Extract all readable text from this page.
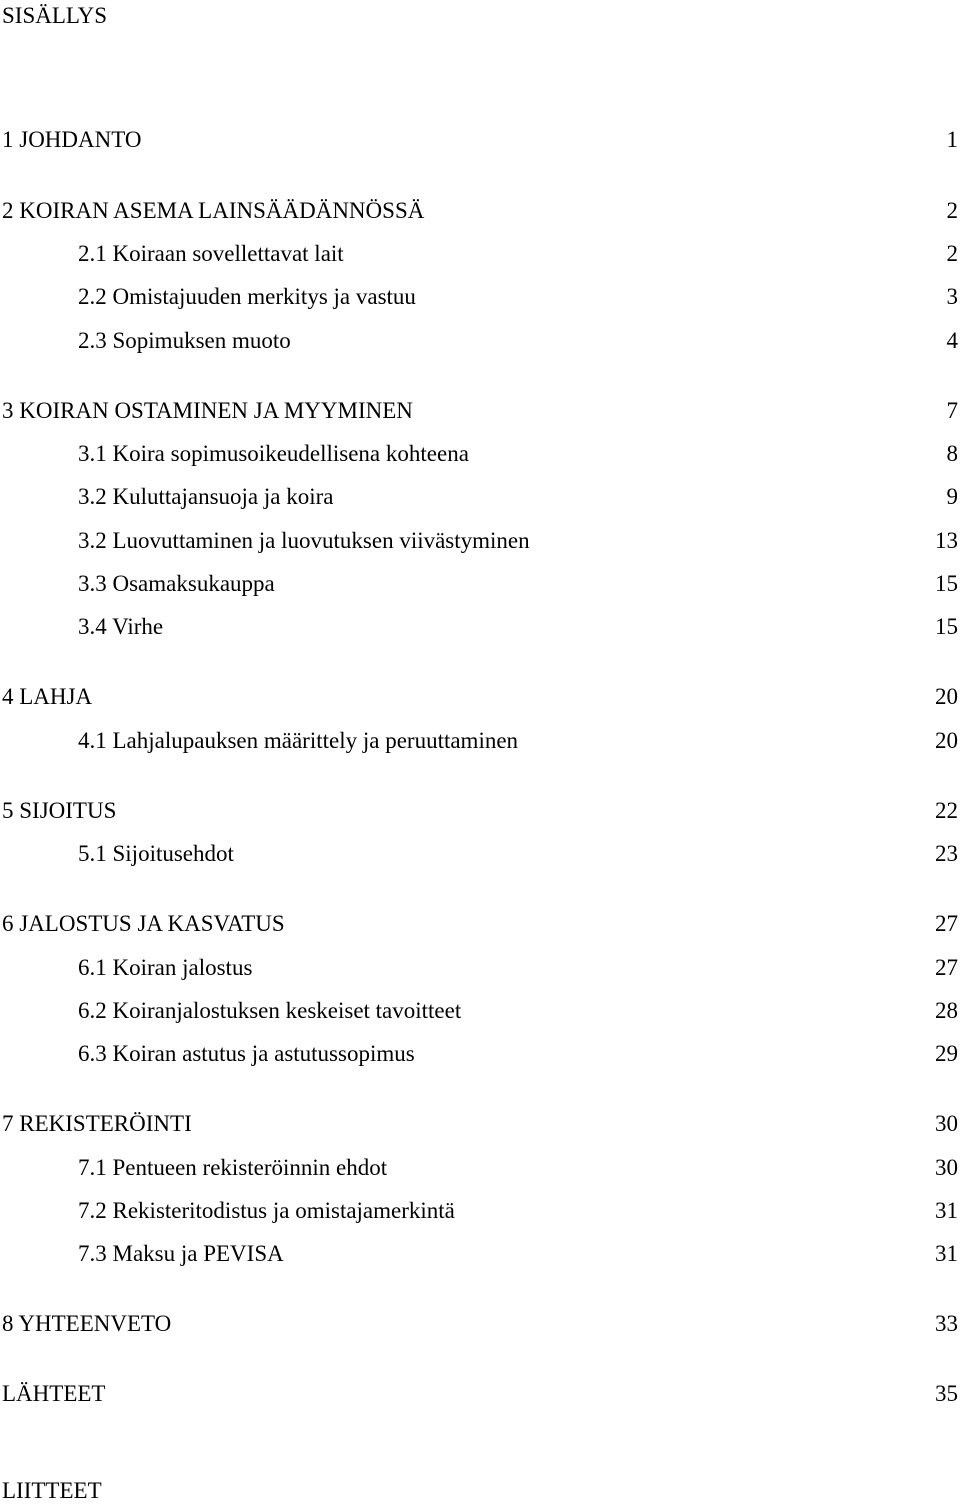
SISÄLLYS
1 JOHDANTO	1
2 KOIRAN ASEMA LAINSÄÄDÄNNÖSSÄ	2
2.1 Koiraan sovellettavat lait	2
2.2 Omistajuuden merkitys ja vastuu	3
2.3 Sopimuksen muoto	4
3 KOIRAN OSTAMINEN JA MYYMINEN	7
3.1 Koira sopimusoikeudellisena kohteena	8
3.2 Kuluttajansuoja ja koira	9
3.2 Luovuttaminen ja luovutuksen viivästyminen	13
3.3 Osamaksukauppa	15
3.4 Virhe	15
4 LAHJA	20
4.1 Lahjalupauksen määrittely ja peruuttaminen	20
5 SIJOITUS	22
5.1 Sijoitusehdot	23
6 JALOSTUS JA KASVATUS	27
6.1 Koiran jalostus	27
6.2 Koiranjalostuksen keskeiset tavoitteet	28
6.3 Koiran astutus ja astutussopimus	29
7 REKISTERÖINTI	30
7.1 Pentueen rekisteröinnin ehdot	30
7.2 Rekisteritodistus ja omistajamerkintä	31
7.3 Maksu ja PEVISA	31
8 YHTEENVETO	33
LÄHTEET	35
LIITTEET
